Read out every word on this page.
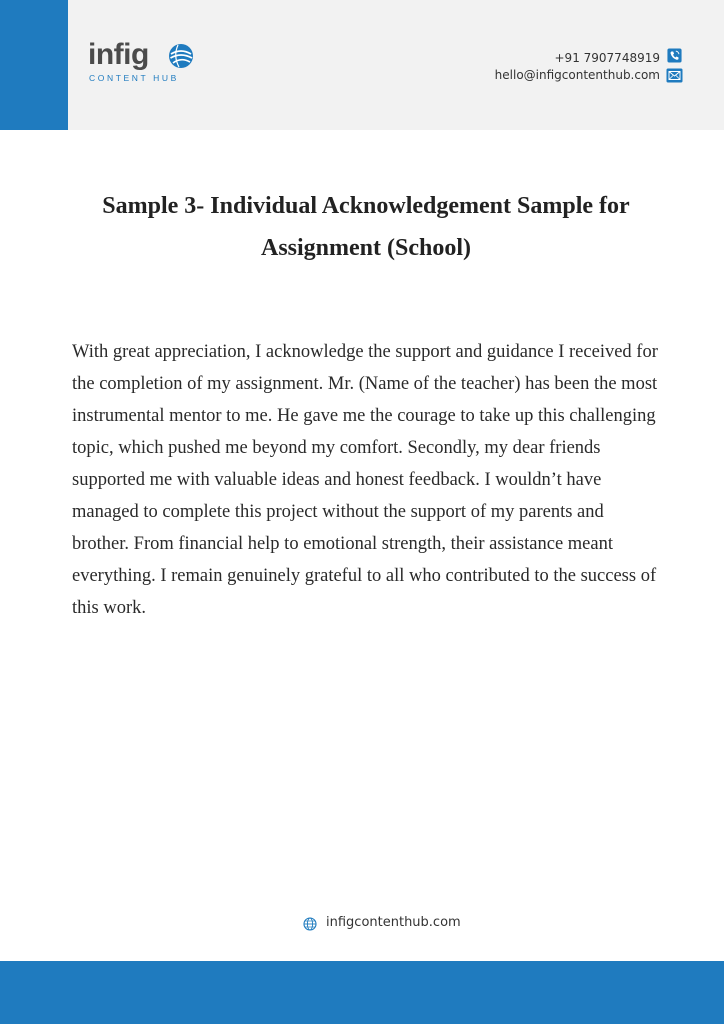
infig
CONTENT HUB
+91 7907748919
hello@infigcontenthub.com
Sample 3- Individual Acknowledgement Sample for
Assignment (School)
With great appreciation, I acknowledge the support and guidance I received for the completion of my assignment. Mr. (Name of the teacher) has been the most instrumental mentor to me. He gave me the courage to take up this challenging topic, which pushed me beyond my comfort. Secondly, my dear friends supported me with valuable ideas and honest feedback. I wouldn’t have managed to complete this project without the support of my parents and brother. From financial help to emotional strength, their assistance meant everything. I remain genuinely grateful to all who contributed to the success of this work.
infigcontenthub.com
